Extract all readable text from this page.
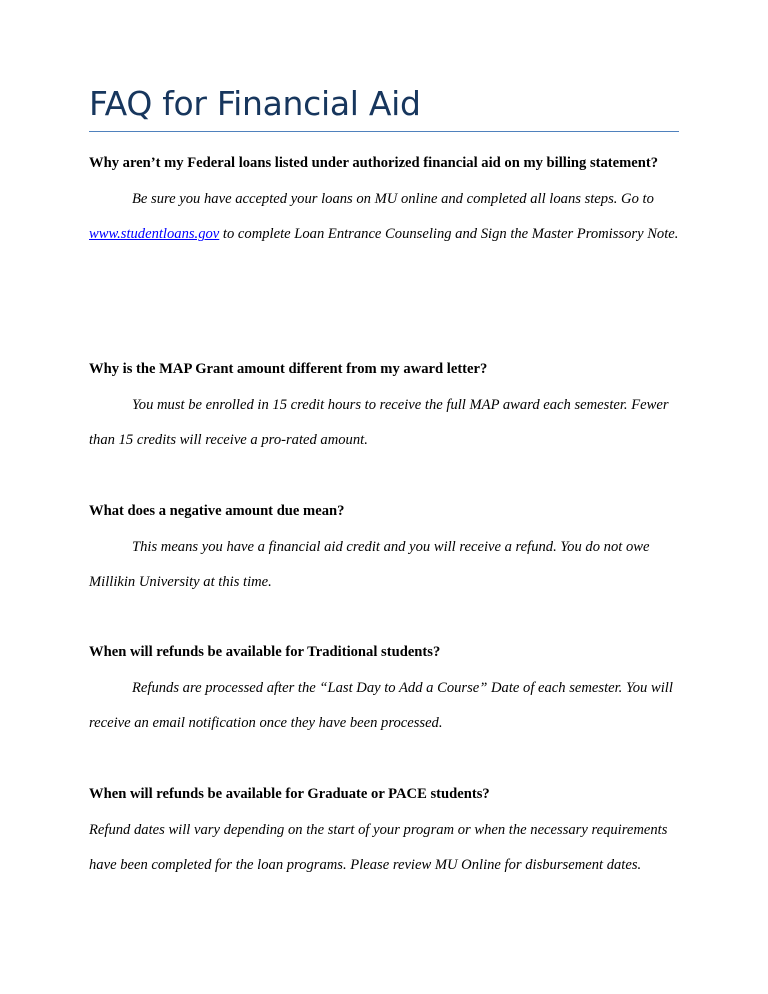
FAQ for Financial Aid

Why aren’t my Federal loans listed under authorized financial aid on my billing statement?

Be sure you have accepted your loans on MU online and completed all loans steps. Go to www.studentloans.gov to complete Loan Entrance Counseling and Sign the Master Promissory Note.

Why is the MAP Grant amount different from my award letter?

You must be enrolled in 15 credit hours to receive the full MAP award each semester. Fewer than 15 credits will receive a pro-rated amount.

What does a negative amount due mean?

This means you have a financial aid credit and you will receive a refund. You do not owe Millikin University at this time.

When will refunds be available for Traditional students?

Refunds are processed after the “Last Day to Add a Course” Date of each semester. You will receive an email notification once they have been processed.

When will refunds be available for Graduate or PACE students?

Refund dates will vary depending on the start of your program or when the necessary requirements have been completed for the loan programs. Please review MU Online for disbursement dates.
